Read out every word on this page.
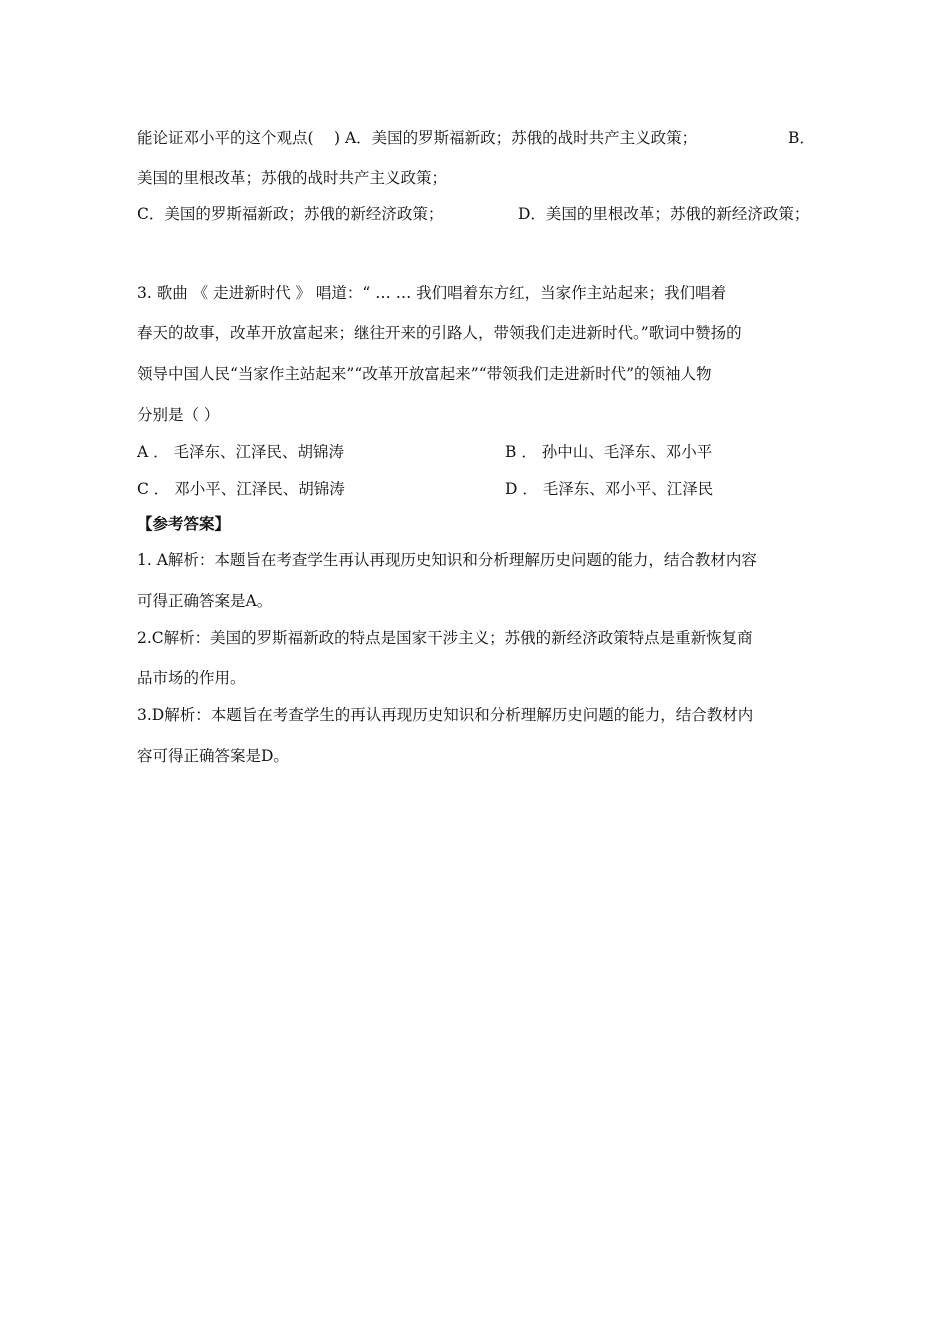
能论证邓小平的这个观点(　 ) A．美国的罗斯福新政；苏俄的战时共产主义政策；	B．
美国的里根改革；苏俄的战时共产主义政策；
C．美国的罗斯福新政；苏俄的新经济政策；	D．美国的里根改革；苏俄的新经济政策；
3. 歌曲 《 走进新时代 》 唱道：“ … … 我们唱着东方红，当家作主站起来；我们唱着
春天的故事，改革开放富起来；继往开来的引路人，带领我们走进新时代。”歌词中赞扬的
领导中国人民“当家作主站起来”“改革开放富起来”“带领我们走进新时代”的领袖人物
分别是（ ）
A ． 毛泽东、江泽民、胡锦涛	B ． 孙中山、毛泽东、邓小平
C ． 邓小平、江泽民、胡锦涛	D ． 毛泽东、邓小平、江泽民
【参考答案】
1. A解析：本题旨在考查学生再认再现历史知识和分析理解历史问题的能力，结合教材内容
可得正确答案是A。
2.C解析：美国的罗斯福新政的特点是国家干涉主义；苏俄的新经济政策特点是重新恢复商
品市场的作用。
3.D解析：本题旨在考查学生的再认再现历史知识和分析理解历史问题的能力，结合教材内
容可得正确答案是D。
